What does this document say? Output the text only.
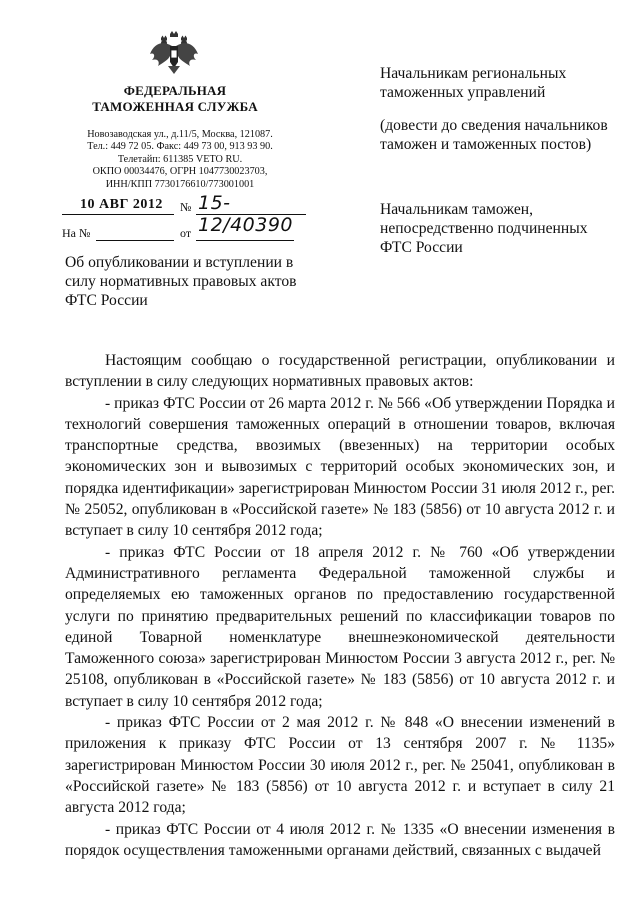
ФЕДЕРАЛЬНАЯ
ТАМОЖЕННАЯ СЛУЖБА
Новозаводская ул., д.11/5, Москва, 121087.
Тел.: 449 72 05. Факс: 449 73 00, 913 93 90.
Телетайп: 611385 VETO RU.
ОКПО 00034476, ОГРН 1047730023703,
ИНН/КПП 7730176610/773001001
10 АВГ 2012	№ 15-12/40390
На №	от
Об опубликовании и вступлении в силу нормативных правовых актов ФТС России
Начальникам региональных таможенных управлений
(довести до сведения начальников таможен и таможенных постов)
Начальникам таможен, непосредственно подчиненных ФТС России

Настоящим сообщаю о государственной регистрации, опубликовании и вступлении в силу следующих нормативных правовых актов:

- приказ ФТС России от 26 марта 2012 г. № 566 «Об утверждении Порядка и технологий совершения таможенных операций в отношении товаров, включая транспортные средства, ввозимых (ввезенных) на территории особых экономических зон и вывозимых с территорий особых экономических зон, и порядка идентификации» зарегистрирован Минюстом России 31 июля 2012 г., рег. № 25052, опубликован в «Российской газете» № 183 (5856) от 10 августа 2012 г. и вступает в силу 10 сентября 2012 года;

- приказ ФТС России от 18 апреля 2012 г. № 760 «Об утверждении Административного регламента Федеральной таможенной службы и определяемых ею таможенных органов по предоставлению государственной услуги по принятию предварительных решений по классификации товаров по единой Товарной номенклатуре внешнеэкономической деятельности Таможенного союза» зарегистрирован Минюстом России 3 августа 2012 г., рег. № 25108, опубликован в «Российской газете» № 183 (5856) от 10 августа 2012 г. и вступает в силу 10 сентября 2012 года;

- приказ ФТС России от 2 мая 2012 г. № 848 «О внесении изменений в приложения к приказу ФТС России от 13 сентября 2007 г. № 1135» зарегистрирован Минюстом России 30 июля 2012 г., рег. № 25041, опубликован в «Российской газете» № 183 (5856) от 10 августа 2012 г. и вступает в силу 21 августа 2012 года;

- приказ ФТС России от 4 июля 2012 г. № 1335 «О внесении изменения в порядок осуществления таможенными органами действий, связанных с выдачей
